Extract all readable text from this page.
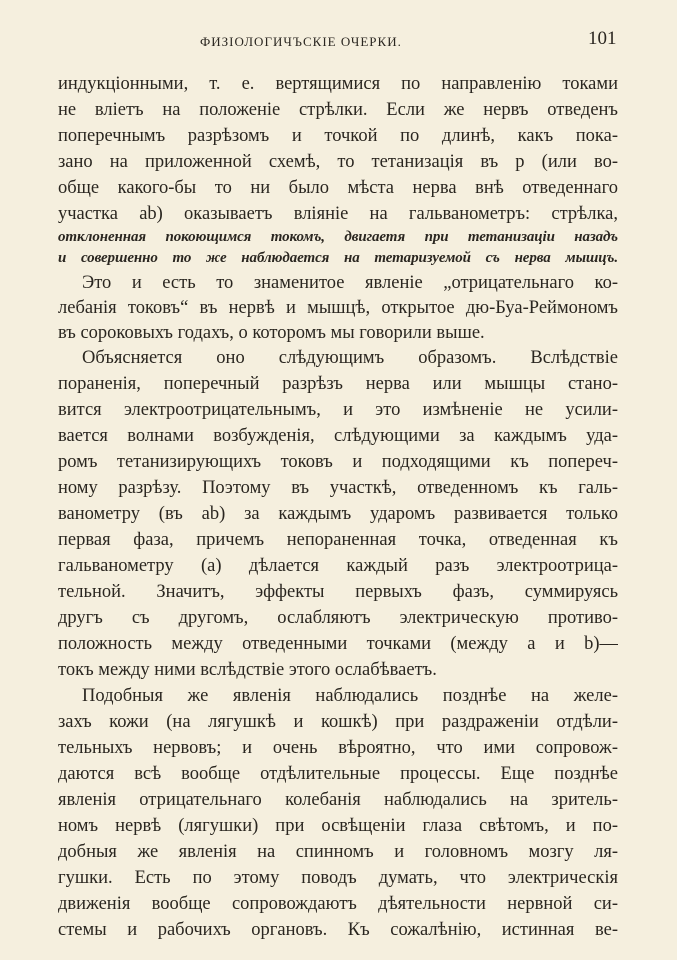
ФИЗІОЛОГИЧЪСКІЕ ОЧЕРКИ.	101
индукціонными, т. е. вертящимися по направленію токами
не вліетъ на положеніе стрѣлки. Если же нервъ отведенъ
поперечнымъ разрѣзомъ и точкой по длинѣ, какъ пока-
зано на приложенной схемѣ, то тетанизація въ p (или во-
обще какого-бы то ни было мѣста нерва внѣ отведеннаго
участка ab) оказываетъ вліяніе на гальванометръ: стрѣлка,
отклоненная покоющимся токомъ, двигаетя при тетанизаціи назадъ
и совершенно то же наблюдается на тетаризуемой съ нерва мышцъ.
Это и есть то знаменитое явленіе „отрицательнаго ко-
лебанія токовъ“ въ нервѣ и мышцѣ, открытое дю-Буа-Реймономъ
въ сороковыхъ годахъ, о которомъ мы говорили выше.
Объясняется оно слѣдующимъ образомъ. Вслѣдствіе
пораненія, поперечный разрѣзъ нерва или мышцы стано-
вится электроотрицательнымъ, и это измѣненіе не усили-
вается волнами возбужденія, слѣдующими за каждымъ уда-
ромъ тетанизирующихъ токовъ и подходящими къ попереч-
ному разрѣзу. Поэтому въ участкѣ, отведенномъ къ галь-
ванометру (въ ab) за каждымъ ударомъ развивается только
первая фаза, причемъ непораненная точка, отведенная къ
гальванометру (a) дѣлается каждый разъ электроотрица-
тельной. Значитъ, эффекты первыхъ фазъ, суммируясь
другъ съ другомъ, ослабляютъ электрическую противо-
положность между отведенными точками (между a и b)—
токъ между ними вслѣдствіе этого ослабѣваетъ.
Подобныя же явленія наблюдались позднѣе на желе-
захъ кожи (на лягушкѣ и кошкѣ) при раздраженіи отдѣли-
тельныхъ нервовъ; и очень вѣроятно, что ими сопровож-
даются всѣ вообще отдѣлительные процессы. Еще позднѣе
явленія отрицательнаго колебанія наблюдались на зритель-
номъ нервѣ (лягушки) при освѣщеніи глаза свѣтомъ, и по-
добныя же явленія на спинномъ и головномъ мозгу ля-
гушки. Есть по этому поводъ думать, что электрическія
движенія вообще сопровождаютъ дѣятельности нервной си-
стемы и рабочихъ органовъ. Къ сожалѣнію, истинная ве-
